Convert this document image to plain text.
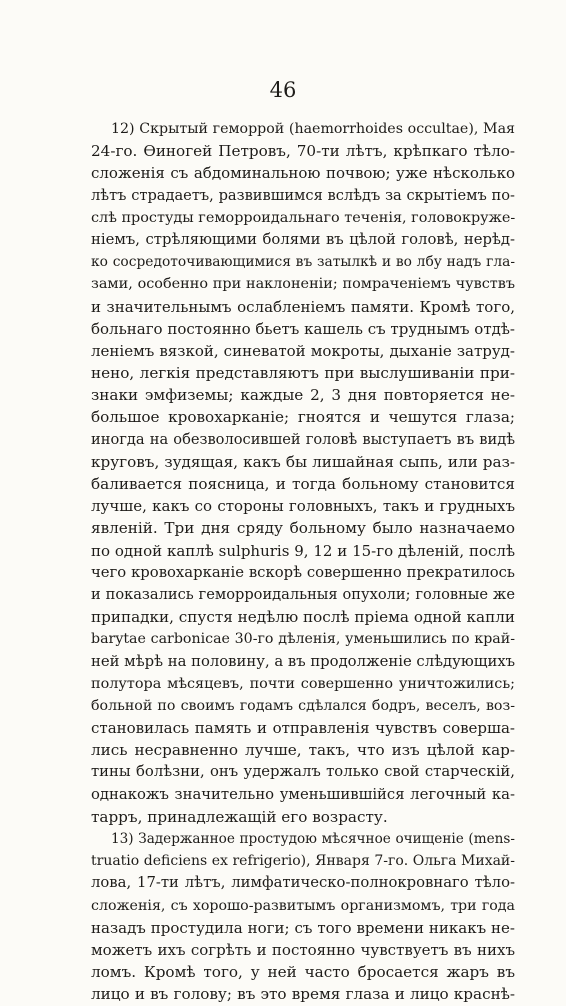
46
12) Скрытый геморрой (haemorrhoides occultae), Мая
24-го. Ѳиногей Петровъ, 70-ти лѣтъ, крѣпкаго тѣло-
сложенія съ абдоминальною почвою; уже нѣсколько
лѣтъ страдаетъ, развившимся вслѣдъ за скрытіемъ по-
слѣ простуды геморроидальнаго теченія, головокруже-
ніемъ, стрѣляющими болями въ цѣлой головѣ, нерѣд-
ко сосредоточивающимися въ затылкѣ и во лбу надъ гла-
зами, особенно при наклоненіи; помраченіемъ чувствъ
и значительнымъ ослабленіемъ памяти. Кромѣ того,
больнаго постоянно бьетъ кашель съ труднымъ отдѣ-
леніемъ вязкой, синеватой мокроты, дыханіе затруд-
нено, легкія представляютъ при выслушиваніи при-
знаки эмфиземы; каждые 2, 3 дня повторяется не-
большое кровохарканіе; гноятся и чешутся глаза;
иногда на обезволосившей головѣ выступаетъ въ видѣ
круговъ, зудящая, какъ бы лишайная сыпь, или раз-
баливается поясница, и тогда больному становится
лучше, какъ со стороны головныхъ, такъ и грудныхъ
явленій. Три дня сряду больному было назначаемо
по одной каплѣ sulphuris 9, 12 и 15-го дѣленій, послѣ
чего кровохарканіе вскорѣ совершенно прекратилось
и показались геморроидальныя опухоли; головные же
припадки, спустя недѣлю послѣ пріема одной капли
barytae carbonicae 30-го дѣленія, уменьшились по край-
ней мѣрѣ на половину, а въ продолженіе слѣдующихъ
полутора мѣсяцевъ, почти совершенно уничтожились;
больной по своимъ годамъ сдѣлался бодръ, веселъ, воз-
становилась память и отправленія чувствъ соверша-
лись несравненно лучше, такъ, что изъ цѣлой кар-
тины болѣзни, онъ удержалъ только свой старческій,
однакожъ значительно уменьшившійся легочный ка-
тарръ, принадлежащій его возрасту.
13) Задержанное простудою мѣсячное очищеніе (mens-
truatio deficiens ex refrigerio), Января 7-го. Ольга Михай-
лова, 17-ти лѣтъ, лимфатическо-полнокровнаго тѣло-
сложенія, съ хорошо-развитымъ организмомъ, три года
назадъ простудила ноги; съ того времени никакъ не-
можетъ ихъ согрѣть и постоянно чувствуетъ въ нихъ
ломъ. Кромѣ того, у ней часто бросается жаръ въ
лицо и въ голову; въ это время глаза и лицо краснѣ-
